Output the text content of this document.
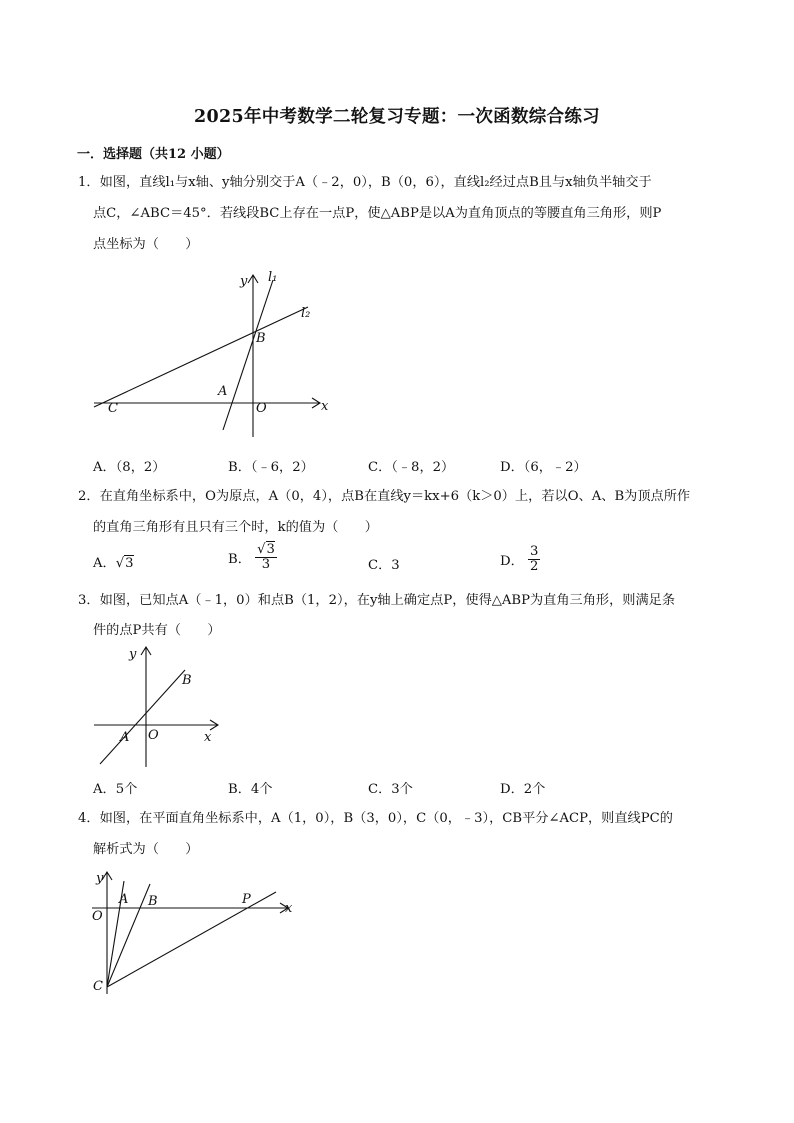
2025年中考数学二轮复习专题：一次函数综合练习
一．选择题（共12 小题）
1．如图，直线l₁与x轴、y轴分别交于A（﹣2，0），B（0，6），直线l₂经过点B且与x轴负半轴交于
点C，∠ABC＝45°．若线段BC上存在一点P，使△ABP是以A为直角顶点的等腰直角三角形，则P
点坐标为（　　）
y l₁
l₂
B
A
C	O	x
A．（8，2）	B．（﹣6，2）	C．（﹣8，2）	D．（6，﹣2）
2．在直角坐标系中，O为原点，A（0，4），点B在直线y＝kx+6（k＞0）上，若以O、A、B为顶点所作
的直角三角形有且只有三个时，k的值为（　　）
A．√3	B． $\frac{√3}{3}$	C．3	D． $\frac{3}{2}$
3．如图，已知点A（﹣1，0）和点B（1，2），在y轴上确定点P，使得△ABP为直角三角形，则满足条
件的点P共有（　　）
y
B
A O	x
A．5个	B．4个	C．3个	D．2个
4．如图，在平面直角坐标系中，A（1，0），B（3，0），C（0，﹣3），CB平分∠ACP，则直线PC的
解析式为（　　）
y
A B	P
O
x
C
